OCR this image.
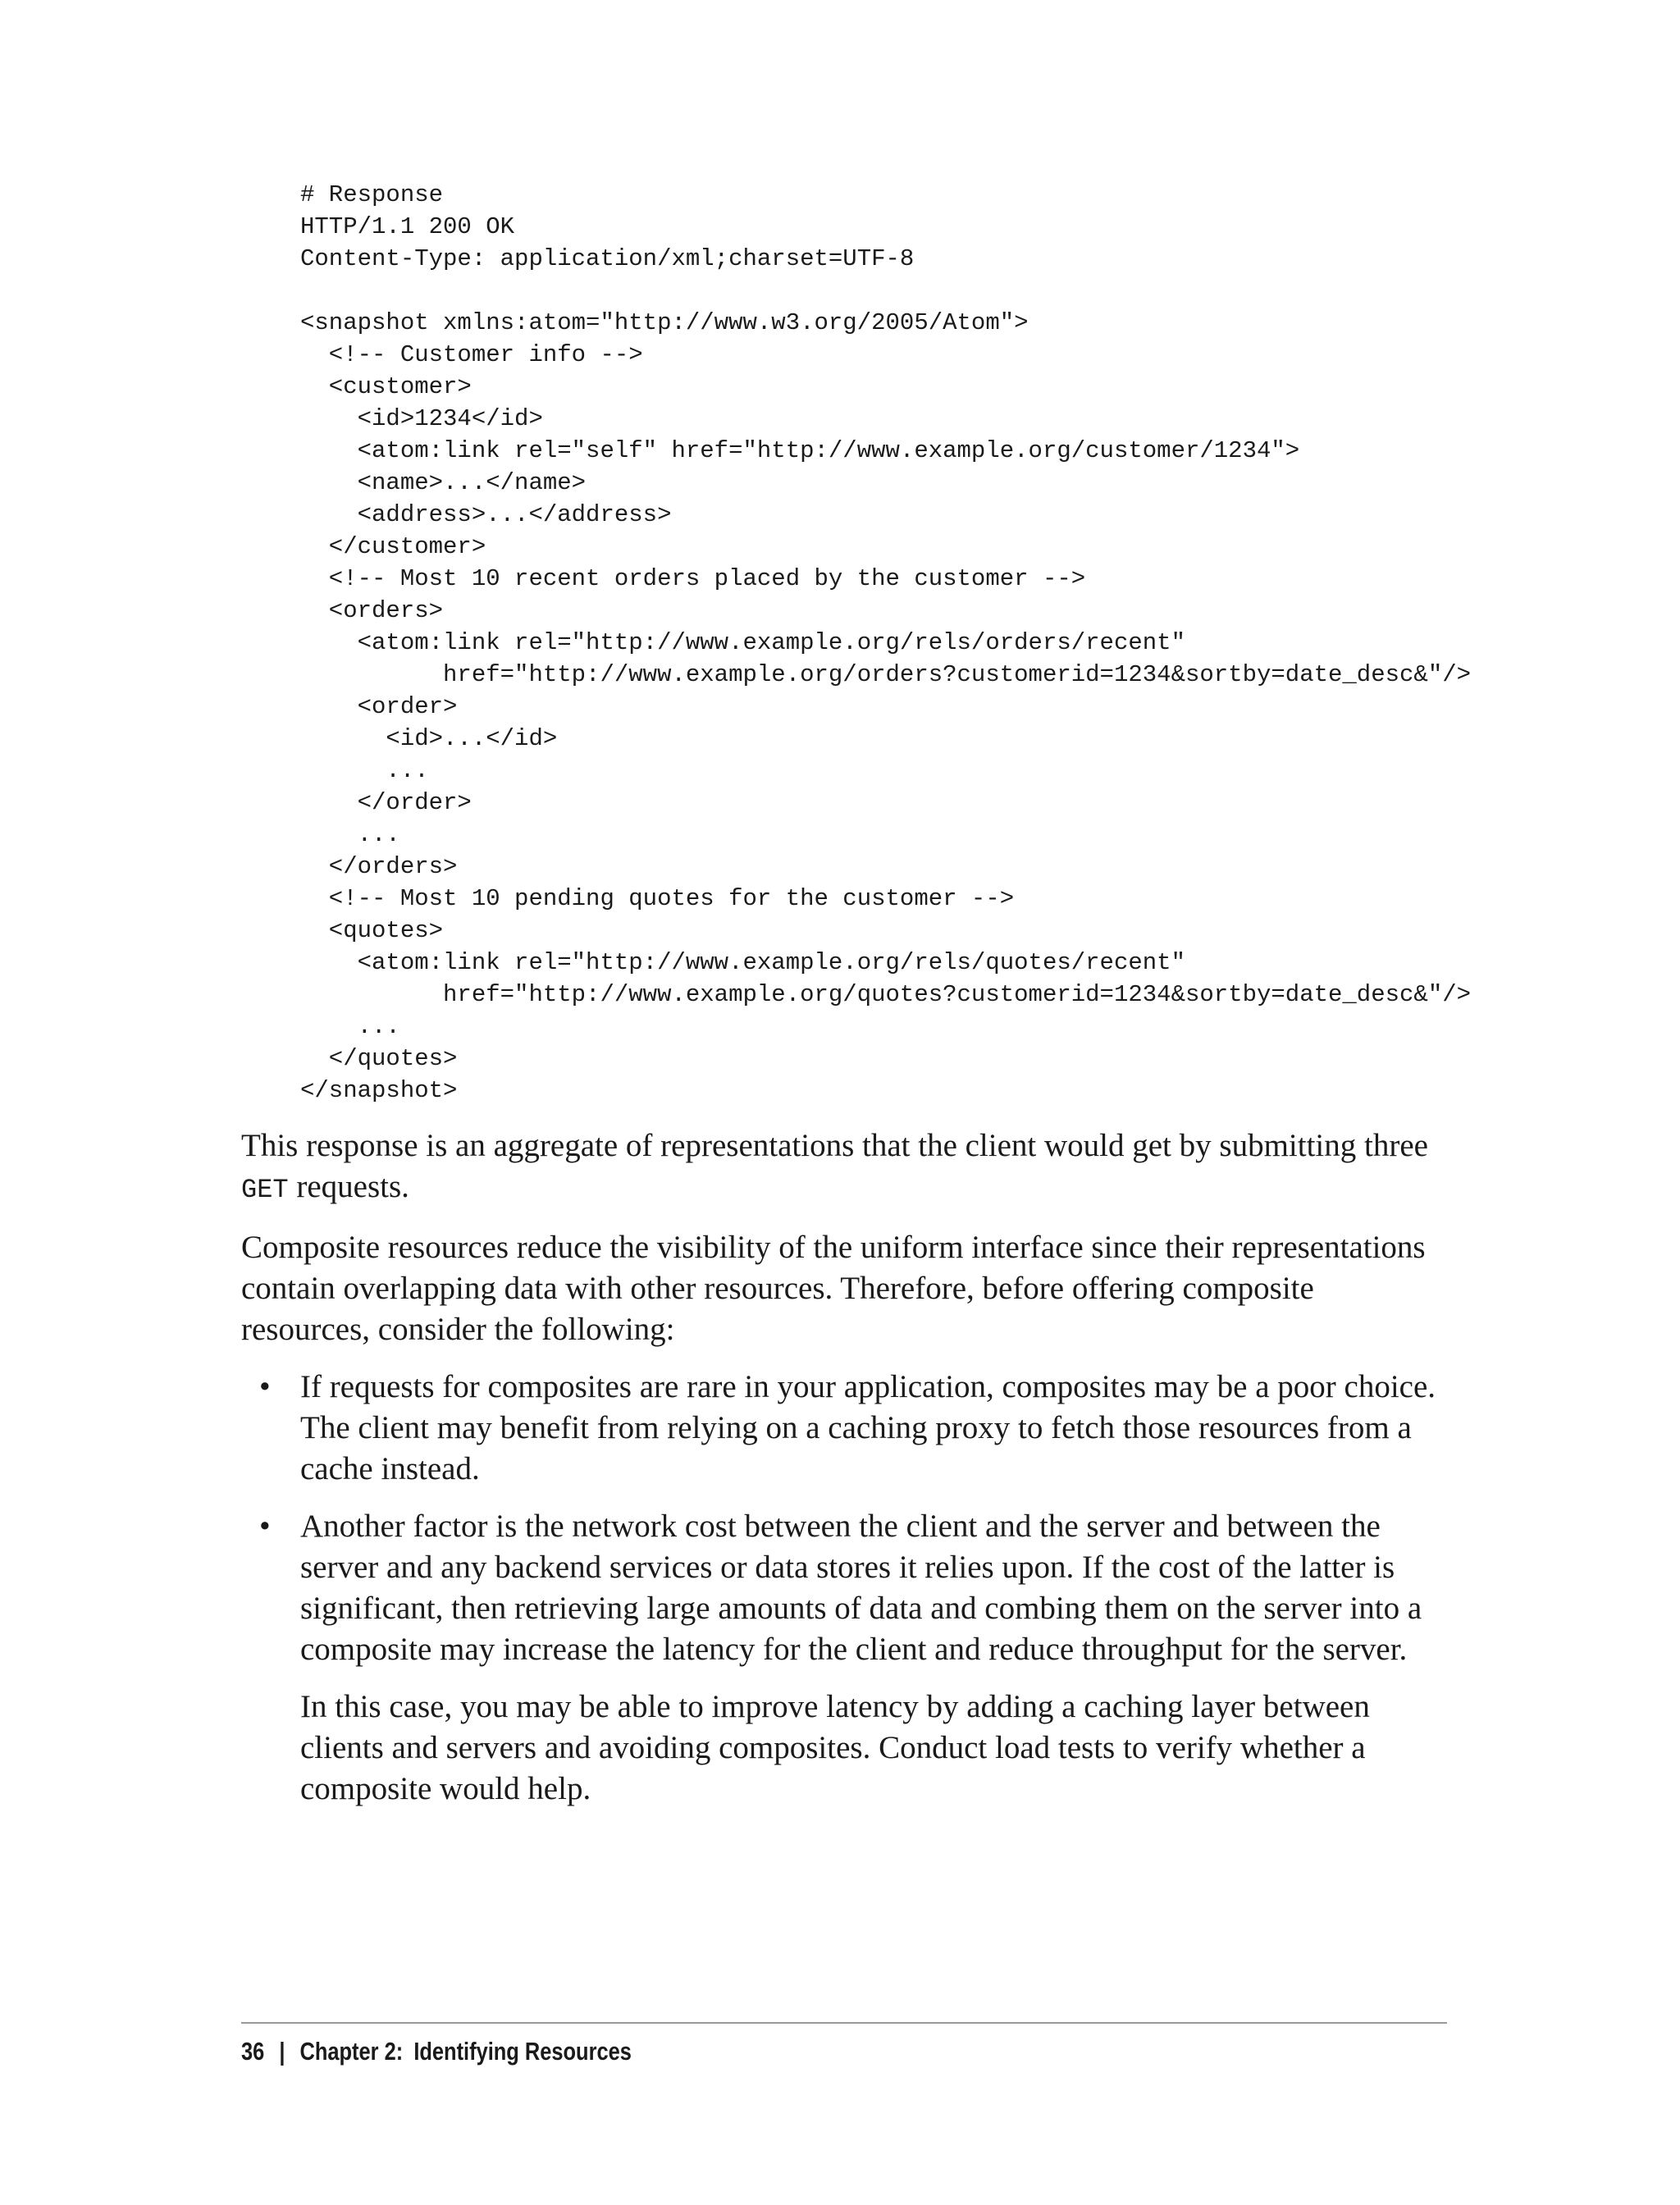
# Response
HTTP/1.1 200 OK
Content-Type: application/xml;charset=UTF-8

<snapshot xmlns:atom="http://www.w3.org/2005/Atom">
<!-- Customer info -->
<customer>
<id>1234</id>
<atom:link rel="self" href="http://www.example.org/customer/1234">
<name>...</name>
<address>...</address>
</customer>
<!-- Most 10 recent orders placed by the customer -->
<orders>
<atom:link rel="http://www.example.org/rels/orders/recent"
href="http://www.example.org/orders?customerid=1234&sortby=date_desc&"/>
<order>
<id>...</id>
...
</order>
...
</orders>
<!-- Most 10 pending quotes for the customer -->
<quotes>
<atom:link rel="http://www.example.org/rels/quotes/recent"
href="http://www.example.org/quotes?customerid=1234&sortby=date_desc&"/>
...
</quotes>
</snapshot>

This response is an aggregate of representations that the client would get by submitting three GET requests.

Composite resources reduce the visibility of the uniform interface since their representations contain overlapping data with other resources. Therefore, before offering composite resources, consider the following:

• If requests for composites are rare in your application, composites may be a poor choice. The client may benefit from relying on a caching proxy to fetch those resources from a cache instead.

• Another factor is the network cost between the client and the server and between the server and any backend services or data stores it relies upon. If the cost of the latter is significant, then retrieving large amounts of data and combing them on the server into a composite may increase the latency for the client and reduce throughput for the server.

In this case, you may be able to improve latency by adding a caching layer between clients and servers and avoiding composites. Conduct load tests to verify whether a composite would help.

36 | Chapter 2: Identifying Resources
